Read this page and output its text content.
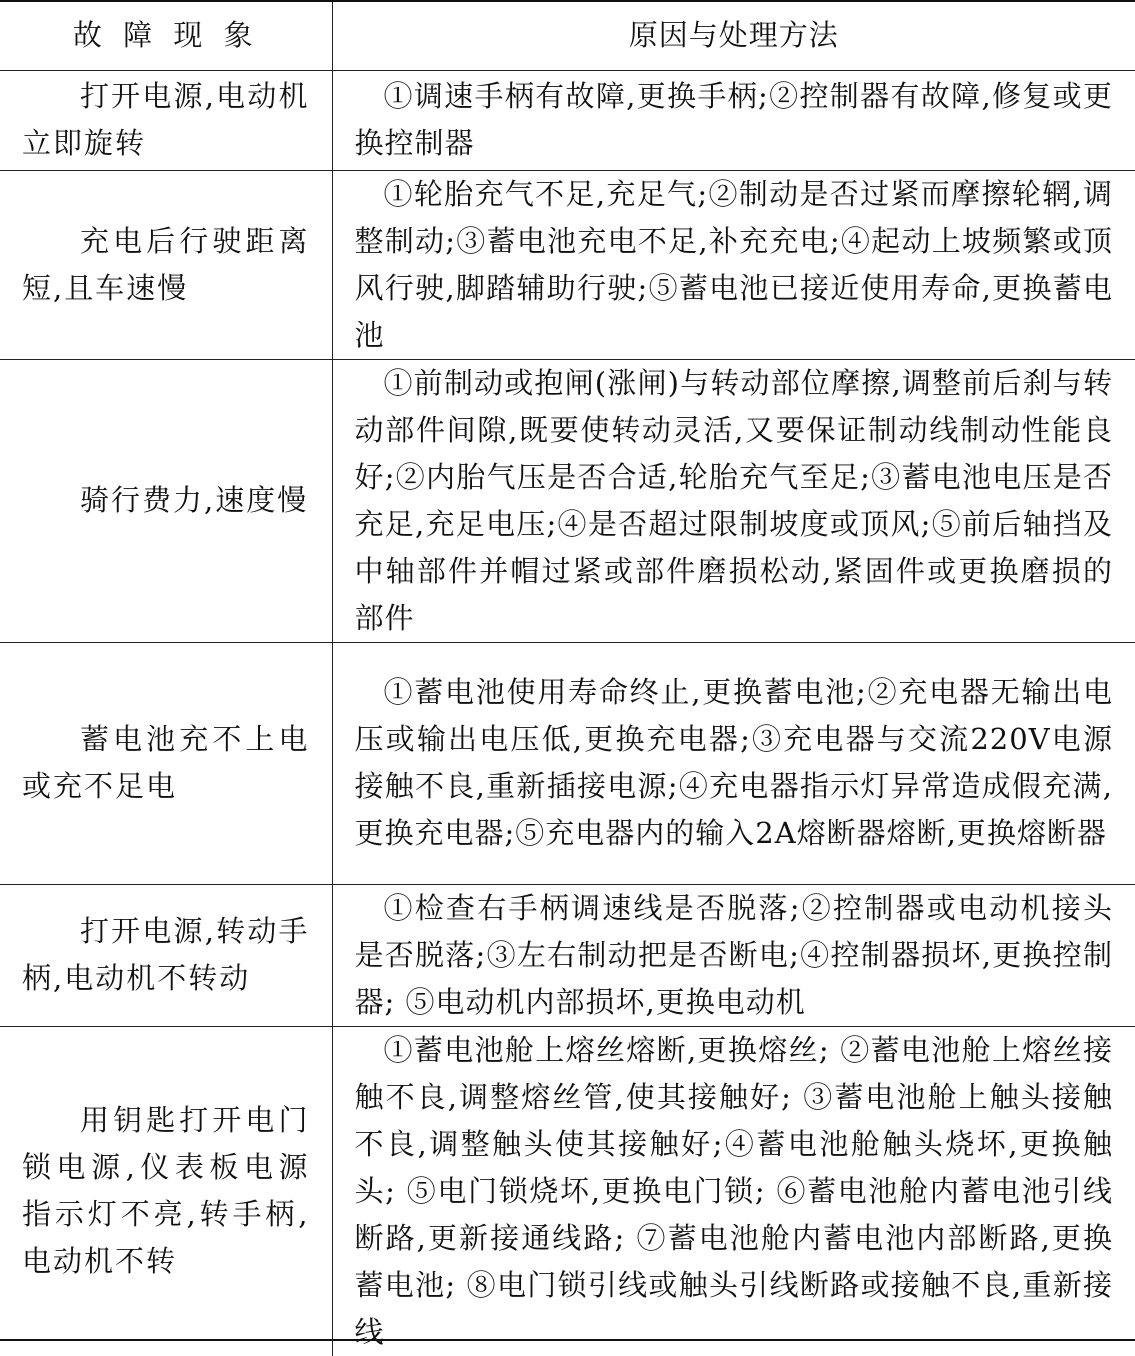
故 障 现 象	原因与处理方法
打开电源,电动机立即旋转	①调速手柄有故障,更换手柄;②控制器有故障,修复或更换控制器
充电后行驶距离短,且车速慢	①轮胎充气不足,充足气;②制动是否过紧而摩擦轮辋,调整制动;③蓄电池充电不足,补充充电;④起动上坡频繁或顶风行驶,脚踏辅助行驶;⑤蓄电池已接近使用寿命,更换蓄电池
骑行费力,速度慢	①前制动或抱闸(涨闸)与转动部位摩擦,调整前后刹与转动部件间隙,既要使转动灵活,又要保证制动线制动性能良好;②内胎气压是否合适,轮胎充气至足;③蓄电池电压是否充足,充足电压;④是否超过限制坡度或顶风;⑤前后轴挡及中轴部件并帽过紧或部件磨损松动,紧固件或更换磨损的部件
蓄电池充不上电或充不足电	①蓄电池使用寿命终止,更换蓄电池;②充电器无输出电压或输出电压低,更换充电器;③充电器与交流220V电源接触不良,重新插接电源;④充电器指示灯异常造成假充满,更换充电器;⑤充电器内的输入2A熔断器熔断,更换熔断器
打开电源,转动手柄,电动机不转动	①检查右手柄调速线是否脱落;②控制器或电动机接头是否脱落;③左右制动把是否断电;④控制器损坏,更换控制器; ⑤电动机内部损坏,更换电动机
用钥匙打开电门锁电源,仪表板电源指示灯不亮,转手柄,电动机不转	①蓄电池舱上熔丝熔断,更换熔丝; ②蓄电池舱上熔丝接触不良,调整熔丝管,使其接触好; ③蓄电池舱上触头接触不良,调整触头使其接触好;④蓄电池舱触头烧坏,更换触头; ⑤电门锁烧坏,更换电门锁; ⑥蓄电池舱内蓄电池引线断路,更新接通线路; ⑦蓄电池舱内蓄电池内部断路,更换蓄电池; ⑧电门锁引线或触头引线断路或接触不良,重新接线
